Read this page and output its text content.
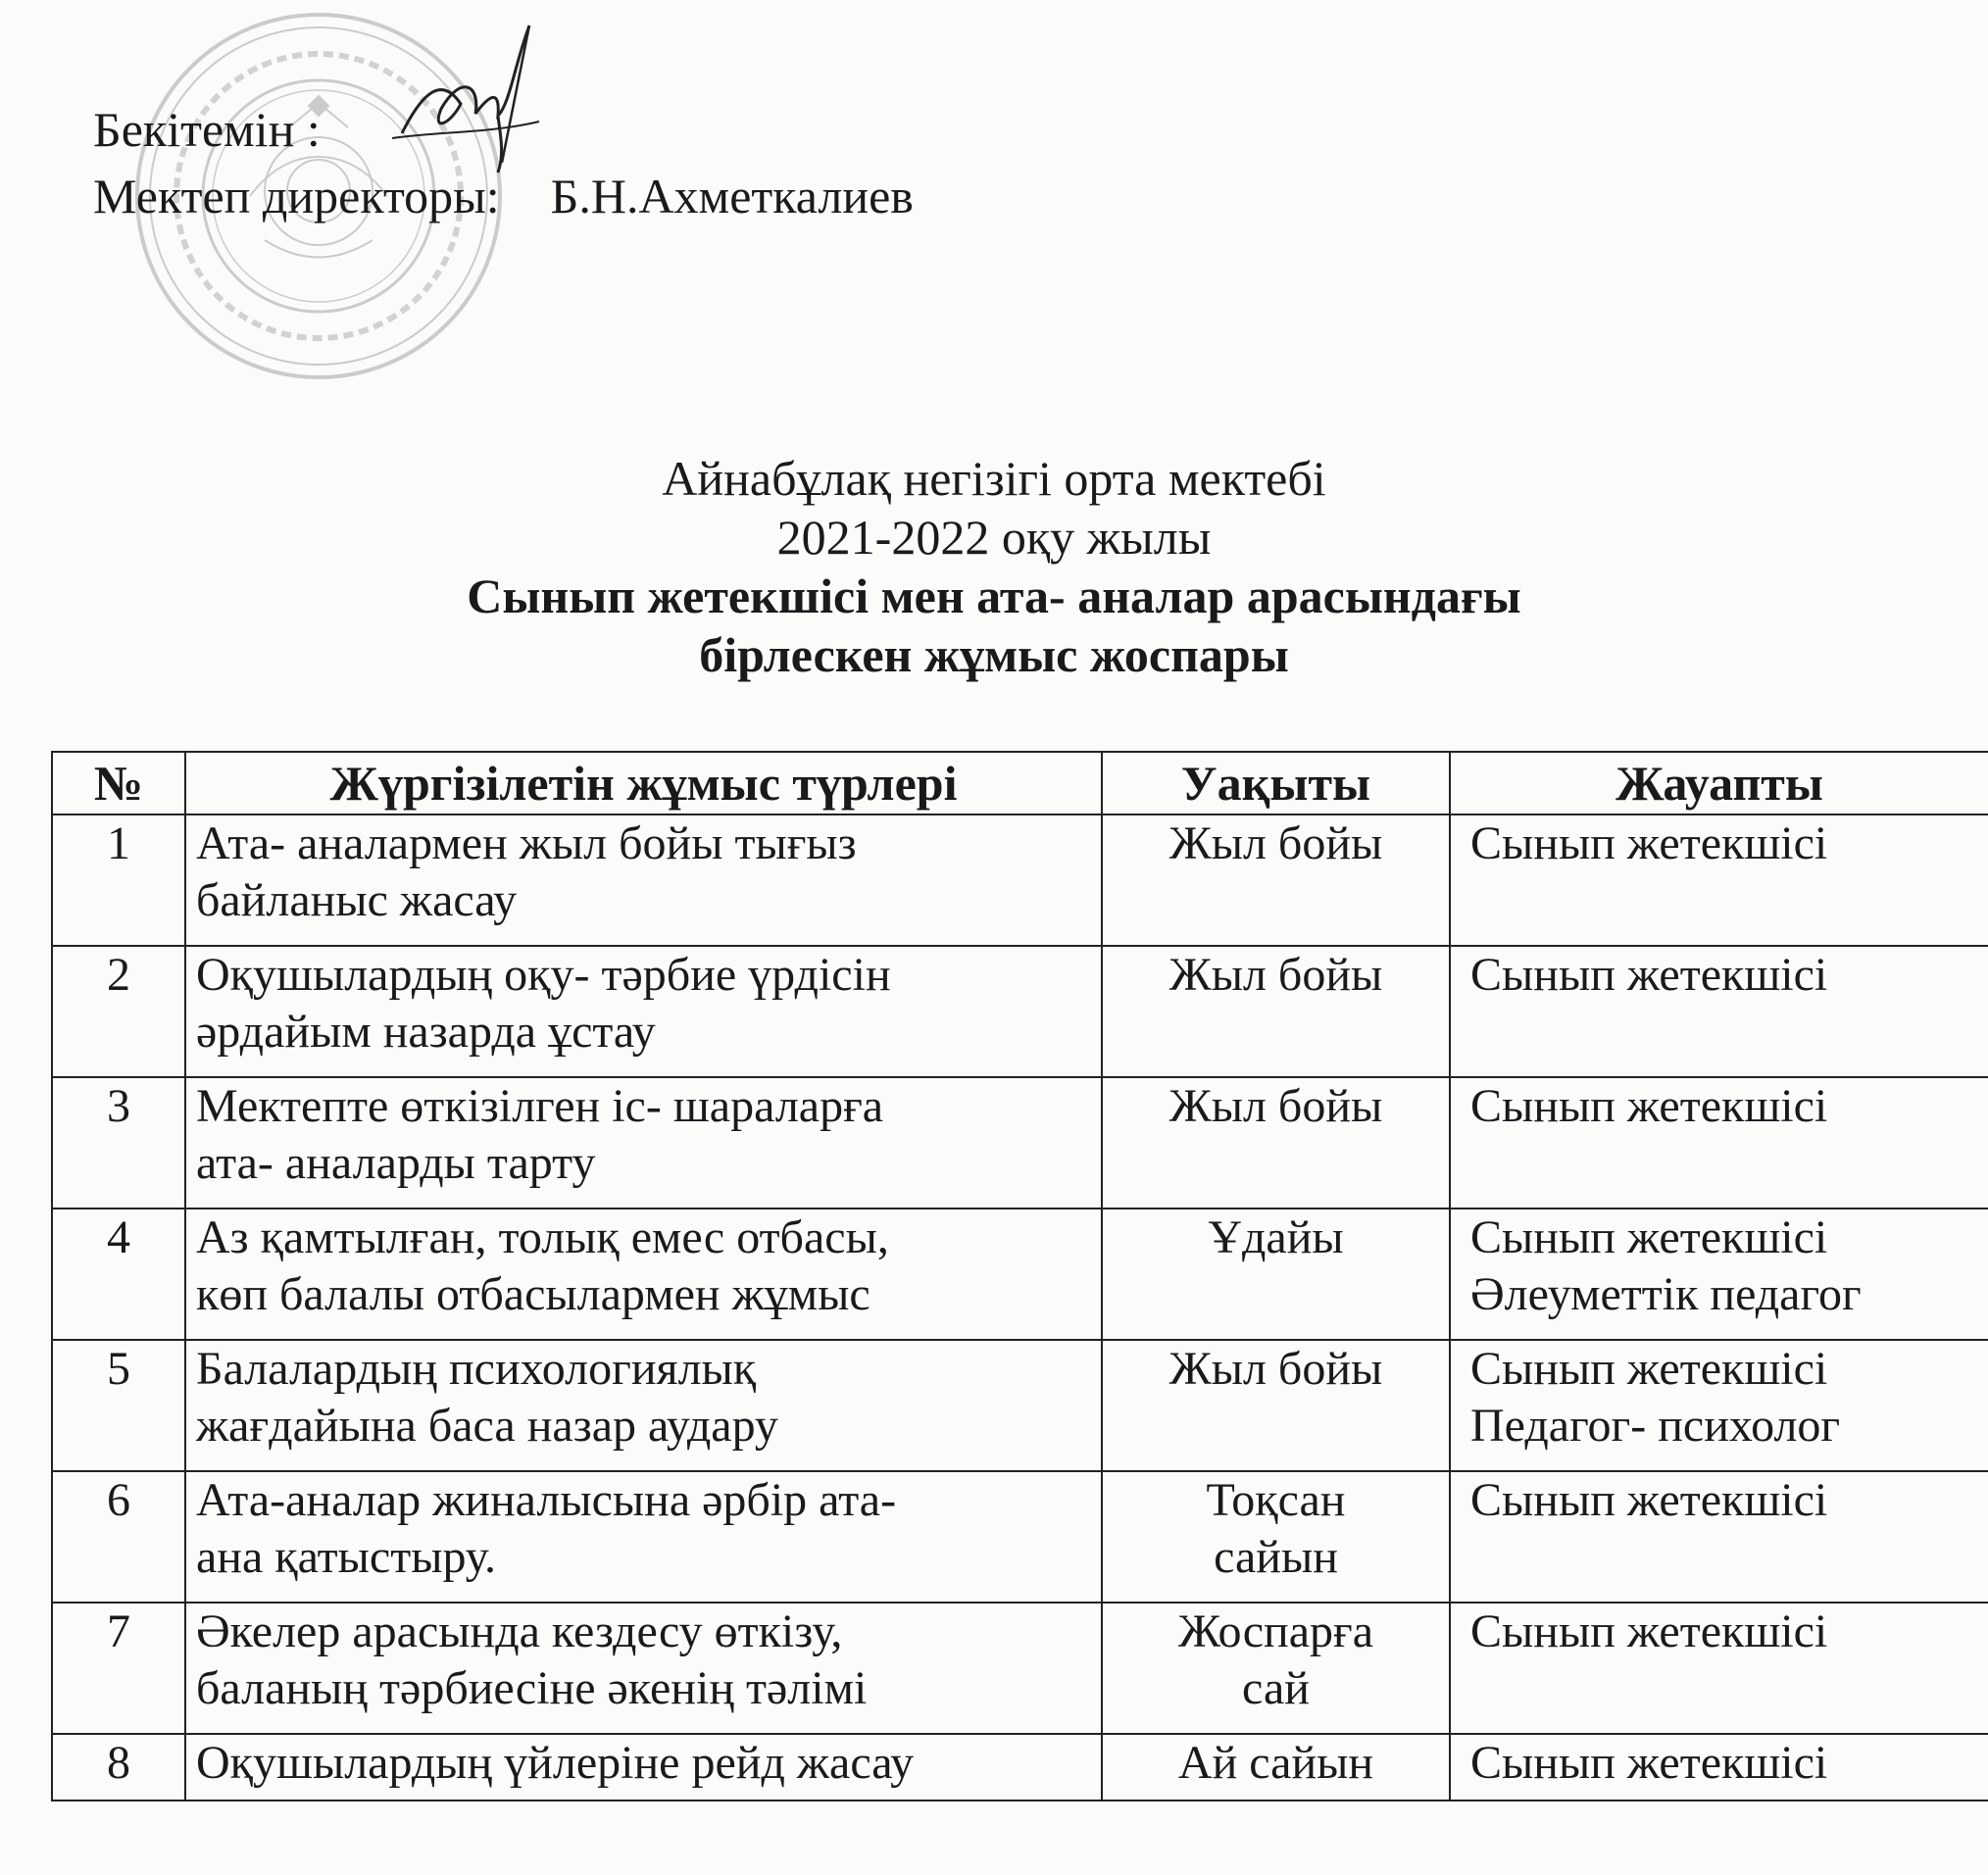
Бекітемін :
Мектеп директоры: Б.Н.Ахметкалиев
Айнабұлақ негізігі орта мектебі
2021-2022 оқу жылы
Сынып жетекшісі мен ата- аналар арасындағы
бірлескен жұмыс жоспары
№	Жүргізілетін жұмыс түрлері	Уақыты	Жауапты
1	Ата- аналармен жыл бойы тығыз
байланыс жасау	Жыл бойы	Сынып жетекшісі

2	Оқушылардың оқу- тәрбие үрдісін
әрдайым назарда ұстау	Жыл бойы	Сынып жетекшісі

3	Мектепте өткізілген іс- шараларға
ата- аналарды тарту	Жыл бойы	Сынып жетекшісі

4	Аз қамтылған, толық емес отбасы,
көп балалы отбасылармен жұмыс	Ұдайы	Сынып жетекшісі
Әлеуметтік педагог

5	Балалардың психологиялық
жағдайына баса назар аудару	Жыл бойы	Сынып жетекшісі
Педагог- психолог

6	Ата-аналар жиналысына әрбір ата-
ана қатыстыру.	Тоқсан
сайын	Сынып жетекшісі

7	Әкелер арасында кездесу өткізу,
баланың тәрбиесіне әкенің тәлімі	Жоспарға
сай	Сынып жетекшісі

8	Оқушылардың үйлеріне рейд жасау	Ай сайын	Сынып жетекшісі
